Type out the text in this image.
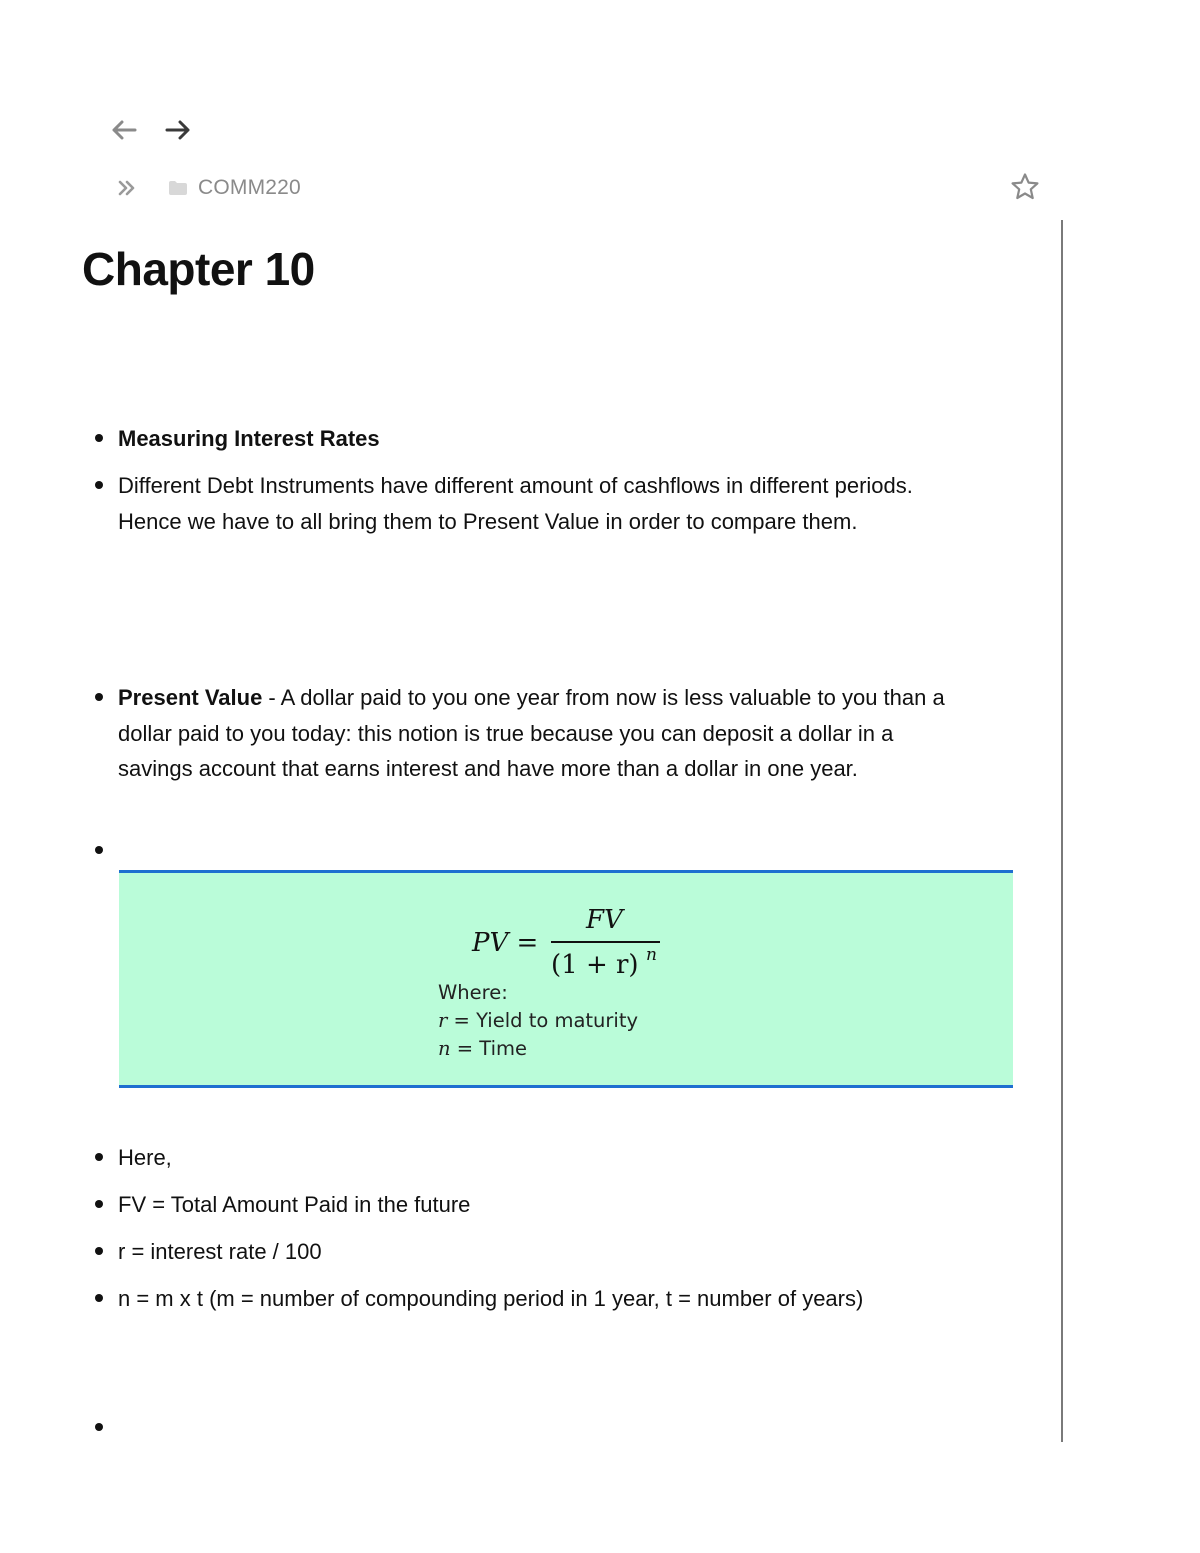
COMM220
Chapter 10
Measuring Interest Rates
Different Debt Instruments have different amount of cashflows in different periods. Hence we have to all bring them to Present Value in order to compare them.
Present Value - A dollar paid to you one year from now is less valuable to you than a dollar paid to you today: this notion is true because you can deposit a dollar in a savings account that earns interest and have more than a dollar in one year.
PV =
FV
(1 + r) n
Where:
r = Yield to maturity
n = Time
Here,
FV = Total Amount Paid in the future
r = interest rate / 100
n = m x t (m = number of compounding period in 1 year, t = number of years)
